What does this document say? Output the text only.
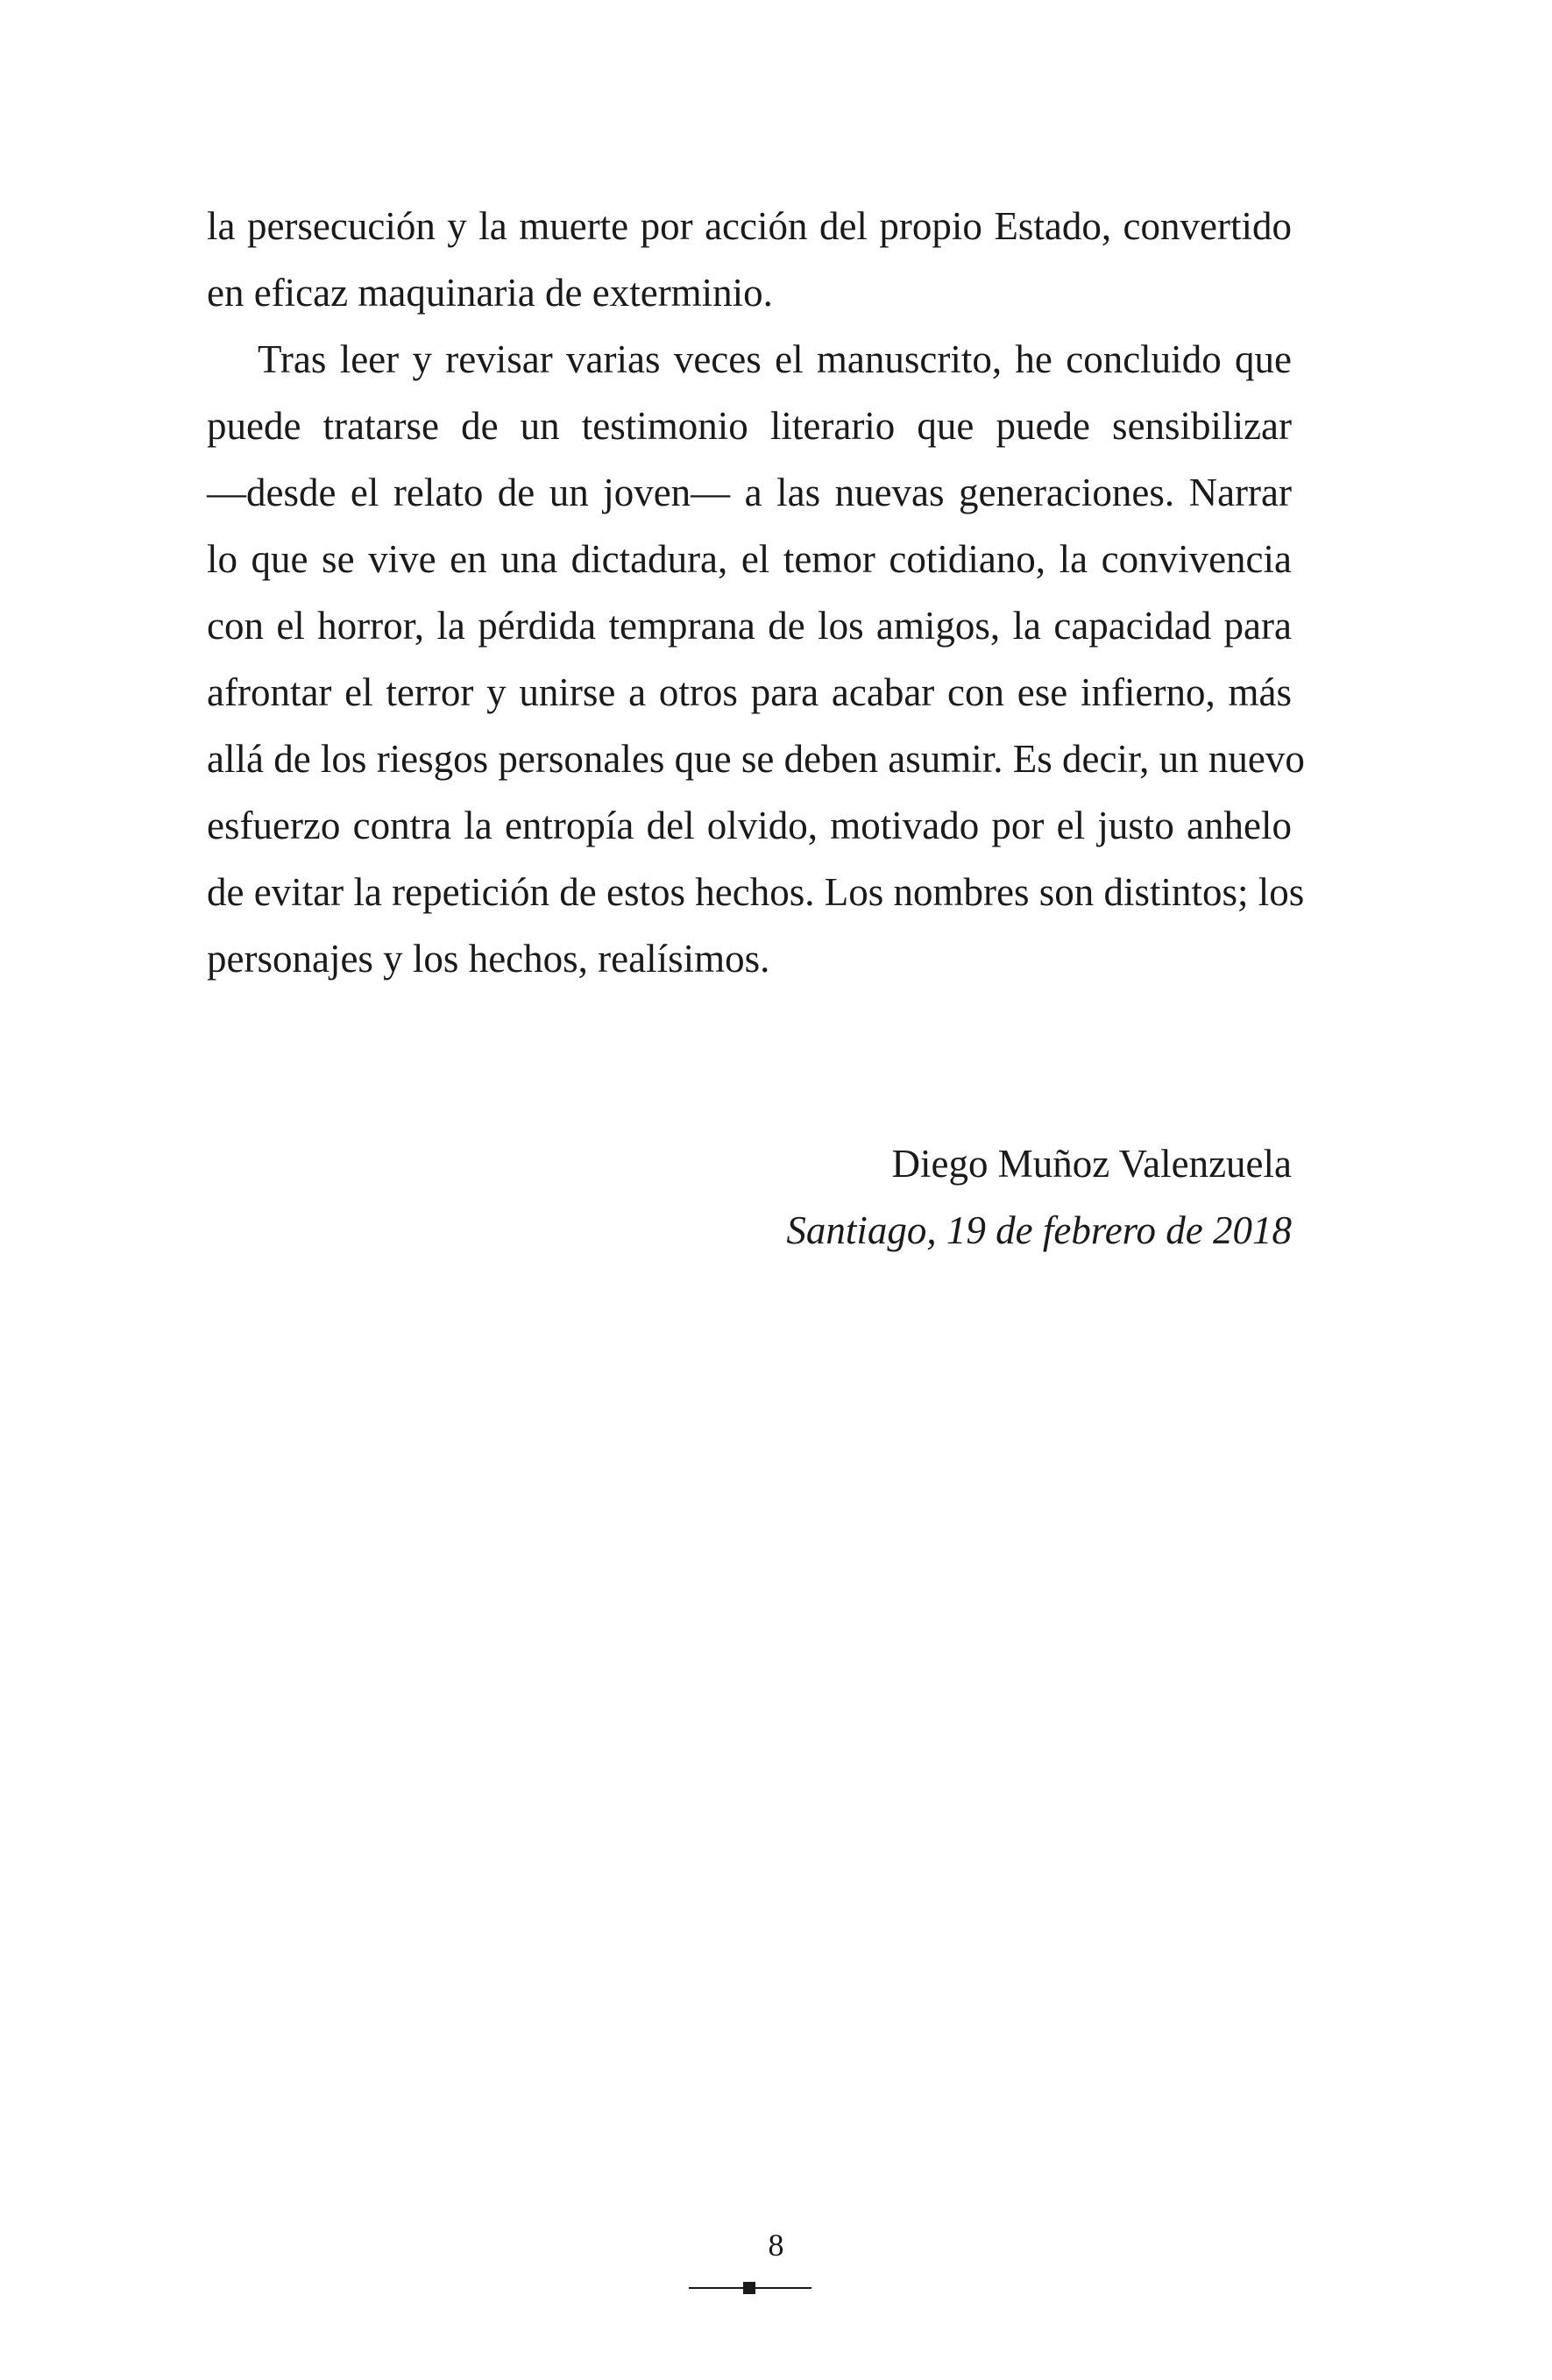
la persecución y la muerte por acción del propio Estado, convertido
en eficaz maquinaria de exterminio.
Tras leer y revisar varias veces el manuscrito, he concluido que
puede tratarse de un testimonio literario que puede sensibilizar
—desde el relato de un joven— a las nuevas generaciones. Narrar
lo que se vive en una dictadura, el temor cotidiano, la convivencia
con el horror, la pérdida temprana de los amigos, la capacidad para
afrontar el terror y unirse a otros para acabar con ese infierno, más
allá de los riesgos personales que se deben asumir. Es decir, un nuevo
esfuerzo contra la entropía del olvido, motivado por el justo anhelo
de evitar la repetición de estos hechos. Los nombres son distintos; los
personajes y los hechos, realísimos.
Diego Muñoz Valenzuela
Santiago, 19 de febrero de 2018
8
